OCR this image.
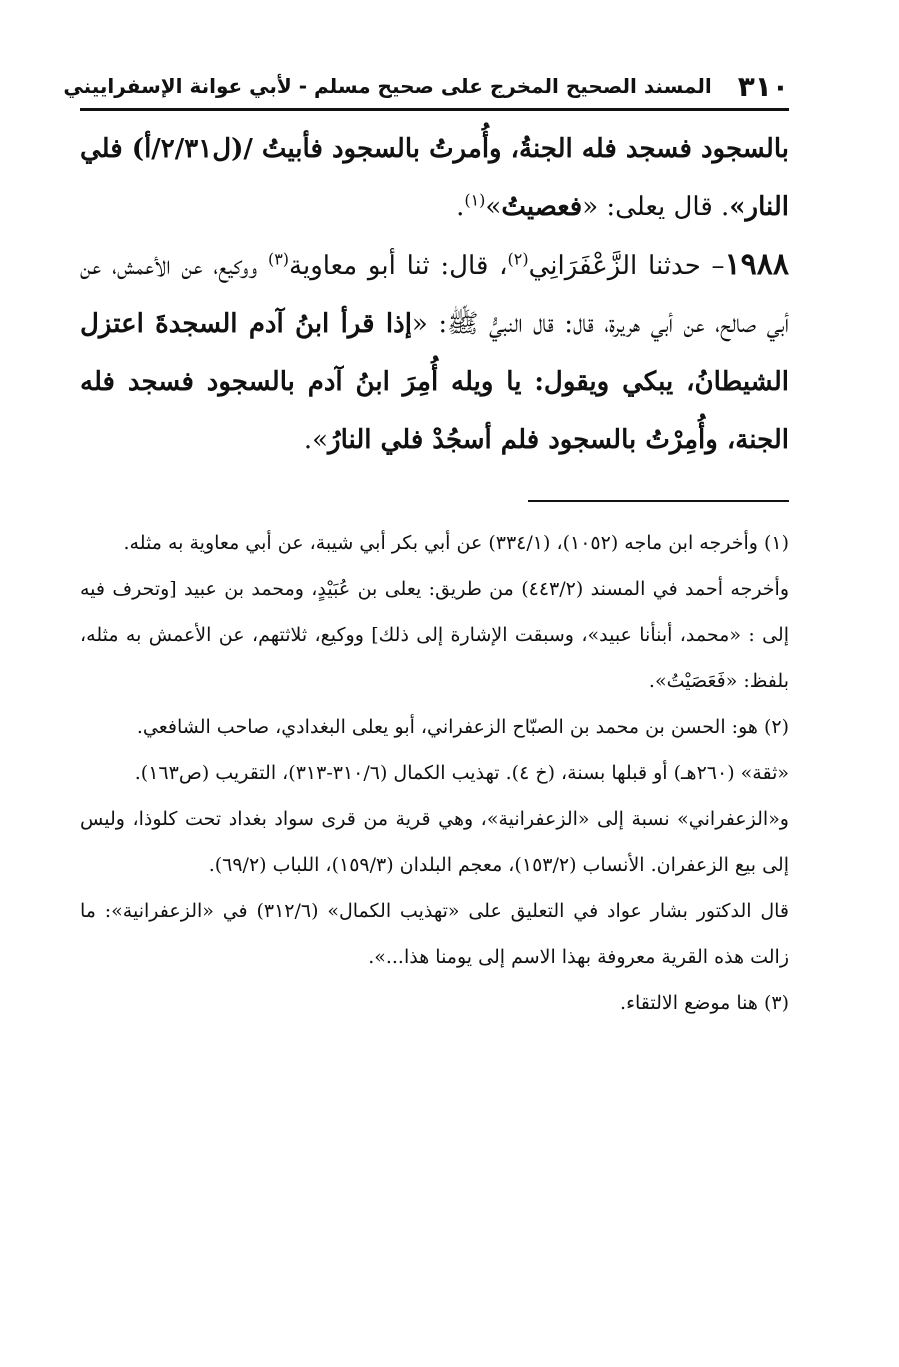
٣١٠
المسند الصحيح المخرج على صحيح مسلم - لأبي عوانة الإسفراييني

بالسجود فسجد فله الجنةُ، وأُمرتُ بالسجود فأبيتُ /(ل٢/٣١/أ) فلي النار». قال يعلى: «فعصيتُ»$^{(١)}$.

١٩٨٨– حدثنا الزَّعْفَرَانِي$^{(٢)}$، قال: ثنا أبو معاوية$^{(٣)}$ ووكيع، عن الأعمش، عن أبي صالح، عن أبي هريرة، قال: قال النبيُّ ﷺ: «إذا قرأ ابنُ آدم السجدةَ اعتزل الشيطانُ، يبكي ويقول: يا ويله أُمِرَ ابنُ آدم بالسجود فسجد فله الجنة، وأُمِرْتُ بالسجود فلم أسجُدْ فلي النارُ».

(١) وأخرجه ابن ماجه (١٠٥٢)، (٣٣٤/١) عن أبي بكر أبي شيبة، عن أبي معاوية به مثله.

وأخرجه أحمد في المسند (٤٤٣/٢) من طريق: يعلى بن عُبَيْدٍ، ومحمد بن عبيد [وتحرف فيه إلى : «محمد، أبنأنا عبيد»، وسبقت الإشارة إلى ذلك] ووكيع، ثلاثتهم، عن الأعمش به مثله، بلفظ: «فَعَصَيْتُ».

(٢) هو: الحسن بن محمد بن الصبّاح الزعفراني، أبو يعلى البغدادي، صاحب الشافعي.

«ثقة» (٢٦٠هـ) أو قبلها بسنة، (خ ٤). تهذيب الكمال (٣١٠/٦-٣١٣)، التقريب (ص١٦٣).

و«الزعفراني» نسبة إلى «الزعفرانية»، وهي قرية من قرى سواد بغداد تحت كلوذا، وليس إلى بيع الزعفران. الأنساب (١٥٣/٢)، معجم البلدان (١٥٩/٣)، اللباب (٦٩/٢).

قال الدكتور بشار عواد في التعليق على «تهذيب الكمال» (٣١٢/٦) في «الزعفرانية»: ما زالت هذه القرية معروفة بهذا الاسم إلى يومنا هذا...».

(٣) هنا موضع الالتقاء.
